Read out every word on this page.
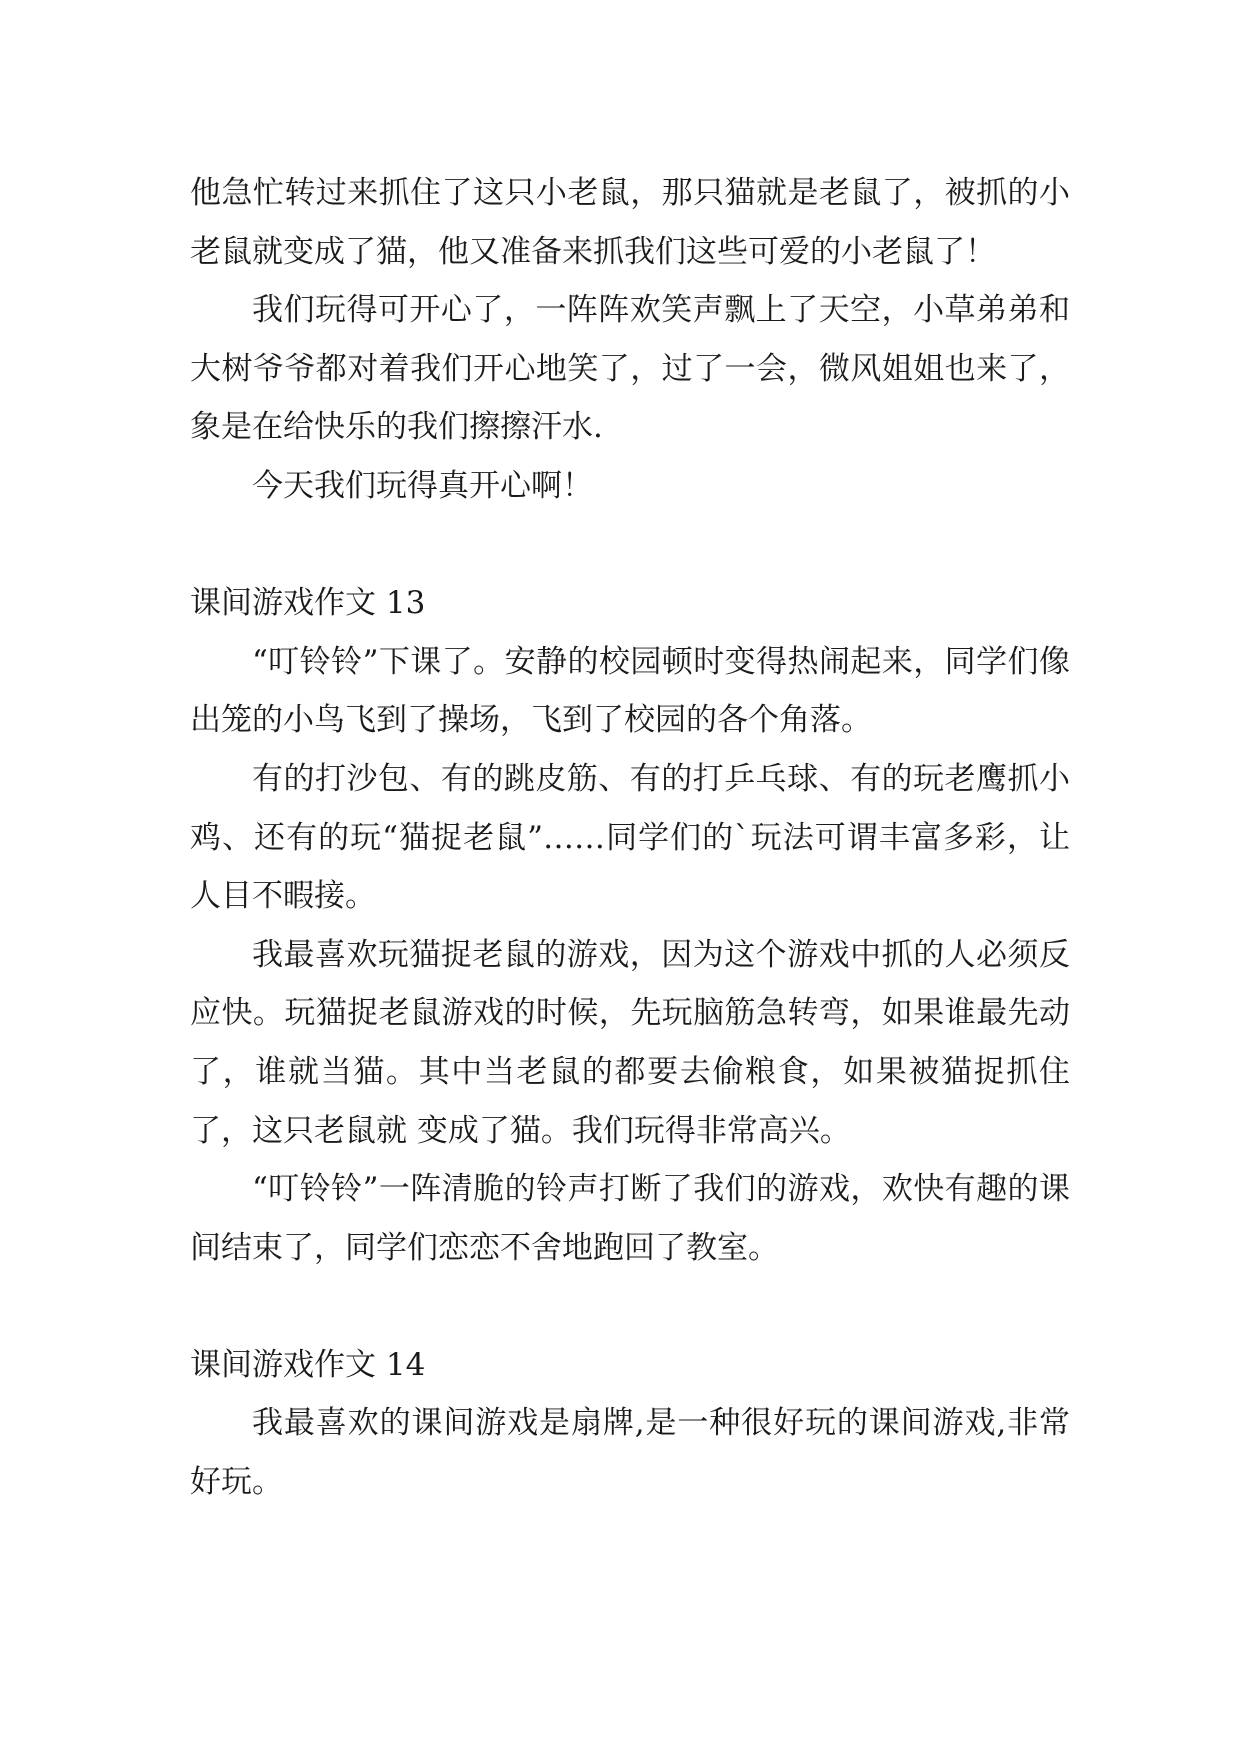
他急忙转过来抓住了这只小老鼠，那只猫就是老鼠了，被抓的小老鼠就变成了猫，他又准备来抓我们这些可爱的小老鼠了！

我们玩得可开心了，一阵阵欢笑声飘上了天空，小草弟弟和大树爷爷都对着我们开心地笑了，过了一会，微风姐姐也来了，象是在给快乐的我们擦擦汗水.

今天我们玩得真开心啊！

课间游戏作文 13

“叮铃铃”下课了。安静的校园顿时变得热闹起来，同学们像出笼的小鸟飞到了操场，飞到了校园的各个角落。

有的打沙包、有的跳皮筋、有的打乒乓球、有的玩老鹰抓小鸡、还有的玩“猫捉老鼠”……同学们的`玩法可谓丰富多彩，让人目不暇接。

我最喜欢玩猫捉老鼠的游戏，因为这个游戏中抓的人必须反应快。玩猫捉老鼠游戏的时候，先玩脑筋急转弯，如果谁最先动了，谁就当猫。其中当老鼠的都要去偷粮食，如果被猫捉抓住了，这只老鼠就 变成了猫。我们玩得非常高兴。

“叮铃铃”一阵清脆的铃声打断了我们的游戏，欢快有趣的课间结束了，同学们恋恋不舍地跑回了教室。

课间游戏作文 14

我最喜欢的课间游戏是扇牌,是一种很好玩的课间游戏,非常好玩。
